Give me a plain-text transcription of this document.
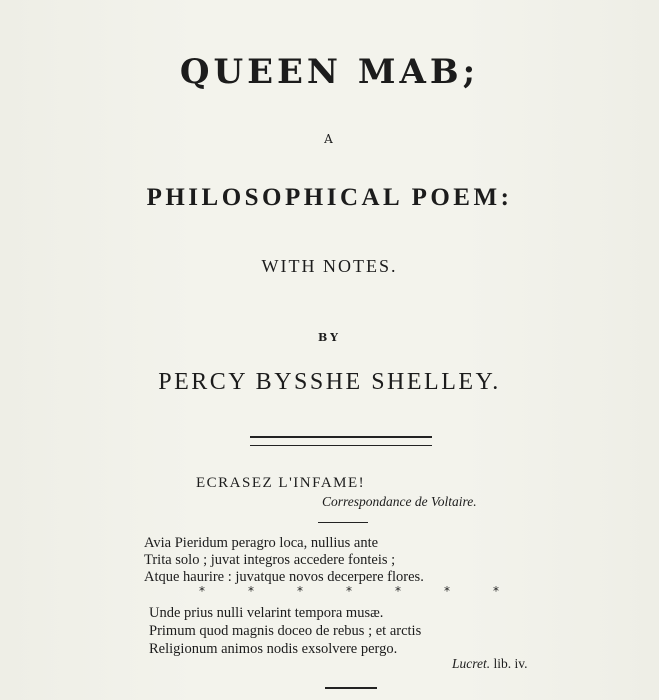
QUEEN MAB;
A
PHILOSOPHICAL POEM:
WITH NOTES.
BY
PERCY BYSSHE SHELLEY.
ECRASEZ L'INFAME!
Correspondance de Voltaire.
Avia Pieridum peragro loca, nullius ante
Trita solo ; juvat integros accedere fonteis ;
Atque haurire : juvatque novos decerpere flores.
*	*	*	*	*	*	*
Unde prius nulli velarint tempora musæ.
Primum quod magnis doceo de rebus ; et arctis
Religionum animos nodis exsolvere pergo.
Lucret. lib. iv.
